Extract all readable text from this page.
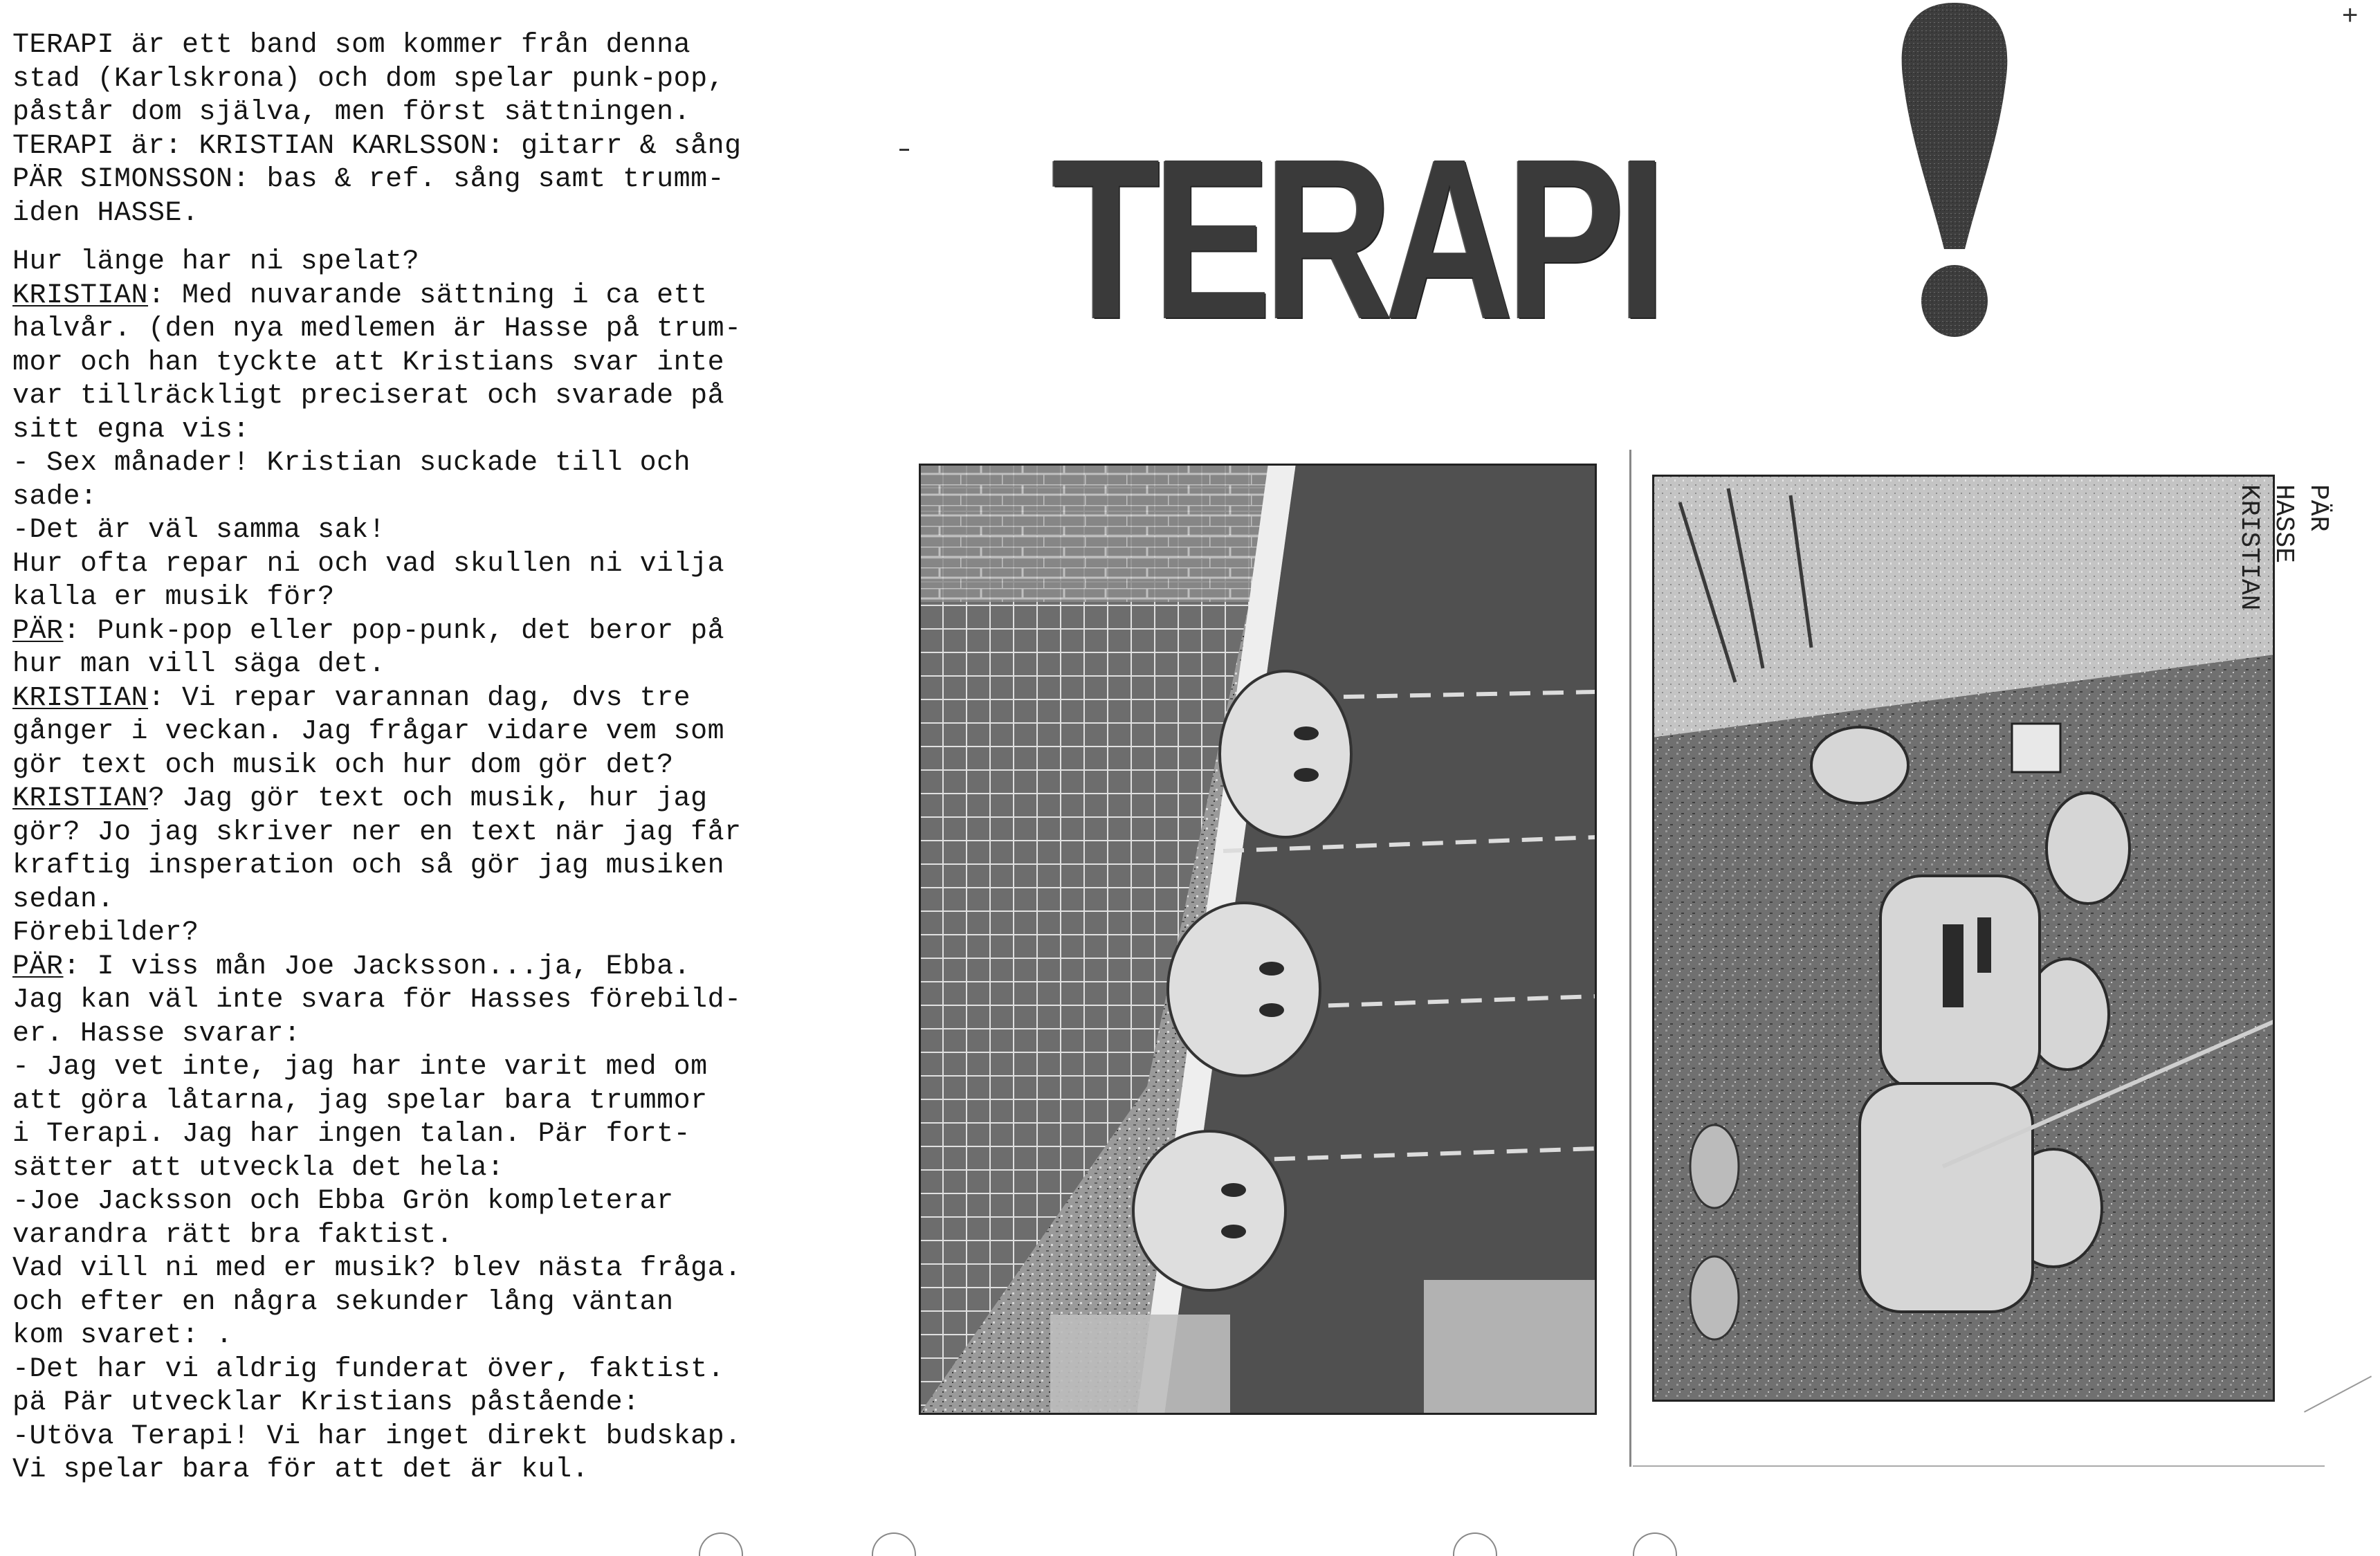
+
TERAPI är ett band som kommer från denna
stad (Karlskrona) och dom spelar punk-pop,
påstår dom själva, men först sättningen.
TERAPI är: KRISTIAN KARLSSON: gitarr & sång
PÄR SIMONSSON: bas & ref. sång samt trumm-
iden HASSE.
Hur länge har ni spelat?
KRISTIAN: Med nuvarande sättning i ca ett
halvår. (den nya medlemen är Hasse på trum-
mor och han tyckte att Kristians svar inte
var tillräckligt preciserat och svarade på
sitt egna vis:
- Sex månader! Kristian suckade till och
sade:
-Det är väl samma sak!
Hur ofta repar ni och vad skullen ni vilja
kalla er musik för?
PÄR: Punk-pop eller pop-punk, det beror på
hur man vill säga det.
KRISTIAN: Vi repar varannan dag, dvs tre
gånger i veckan. Jag frågar vidare vem som
gör text och musik och hur dom gör det?
KRISTIAN? Jag gör text och musik, hur jag
gör? Jo jag skriver ner en text när jag får
kraftig insperation och så gör jag musiken
sedan.
Förebilder?
PÄR: I viss mån Joe Jacksson...ja, Ebba.
Jag kan väl inte svara för Hasses förebild-
er. Hasse svarar:
- Jag vet inte, jag har inte varit med om
att göra låtarna, jag spelar bara trummor
i Terapi. Jag har ingen talan. Pär fort-
sätter att utveckla det hela:
-Joe Jacksson och Ebba Grön kompleterar
varandra rätt bra faktist.
Vad vill ni med er musik? blev nästa fråga.
och efter en några sekunder lång väntan
kom svaret: .
-Det har vi aldrig funderat över, faktist.
pä Pär utvecklar Kristians påstående:
-Utöva Terapi! Vi har inget direkt budskap.
Vi spelar bara för att det är kul.
TERAPI
PÄR
HASSE
KRISTIAN
